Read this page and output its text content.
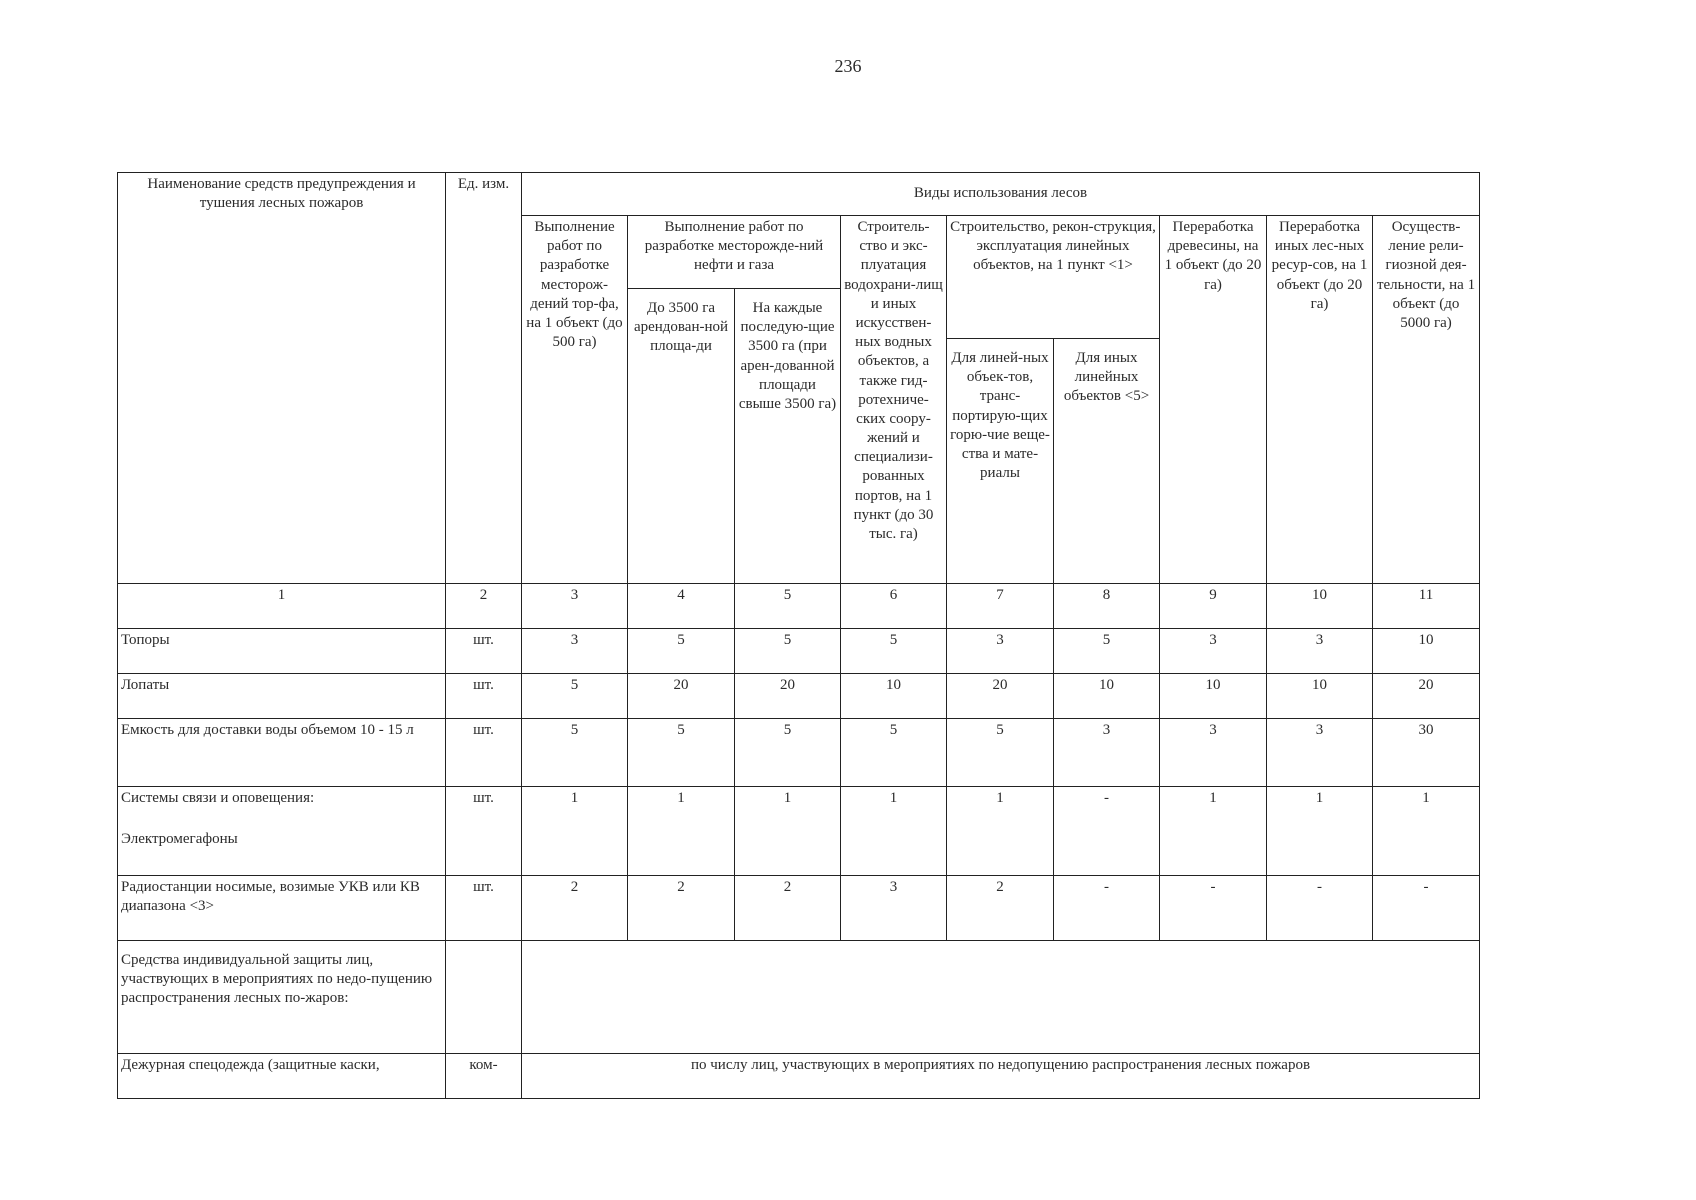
236
Наименование средств предупреждения и тушения лесных пожаров	Ед. изм.	Виды использования лесов								
		Выполнение работ по разработке месторож-дений тор-фа, на 1 объект (до 500 га)	Выполнение работ по разработке месторожде-ний нефти и газа		Строитель-ство и экс-плуатация водохрани-лищ и иных искусствен-ных водных объектов, а также гид-ротехниче-ских соору-жений и специализи-рованных портов, на 1 пункт (до 30 тыс. га)	Строительство, рекон-струкция, эксплуатация линейных объектов, на 1 пункт <1>		Переработка древесины, на 1 объект (до 20 га)	Переработка иных лес-ных ресур-сов, на 1 объект (до 20 га)	Осуществ-ление рели-гиозной дея-тельности, на 1 объект (до 5000 га)
			До 3500 га арендован-ной площа-ди	На каждые последую-щие 3500 га (при арен-дованной площади свыше 3500 га)						
						Для линей-ных объек-тов, транс-портирую-щих горю-чие веще-ства и мате-риалы	Для иных линейных объектов <5>			
1	2	3	4	5	6	7	8	9	10	11
Топоры	шт.	3	5	5	5	3	5	3	3	10
Лопаты	шт.	5	20	20	10	20	10	10	10	20
Емкость для доставки воды объемом 10 - 15 л	шт.	5	5	5	5	5	3	3	3	30

Системы связи и оповещения:
Электромегафоны	шт.	1	1	1	1	1	-	1	1	1
Радиостанции носимые, возимые УКВ или КВ диапазона <3>	шт.	2	2	2	3	2	-	-	-	-
Средства индивидуальной защиты лиц, участвующих в мероприятиях по недо-пущению распространения лесных по-жаров:										
Дежурная спецодежда (защитные каски,	ком-	по числу лиц, участвующих в мероприятиях по недопущению распространения лесных пожаров								
